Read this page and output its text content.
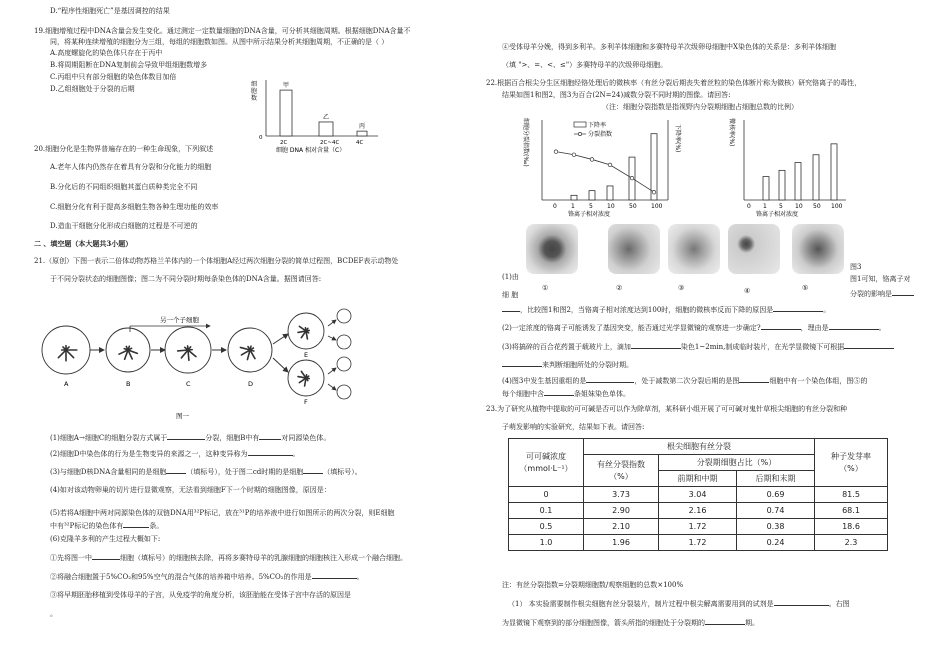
D.“程序性细胞死亡”是基因调控的结果
19.细胞增殖过程中DNA含量会发生变化。通过测定一定数量细胞的DNA含量，可分析其细胞周期。根据细胞DNA含量不
同，将某种连续增殖的细胞分为三组，每组的细胞数如图。从图中所示结果分析其细胞周期，不正确的是（ ）
A.高度螺旋化的染色体只存在于丙中
B.将周期阻断在DNA复制前会导致甲组细胞数增多
C.丙组中只有部分细胞的染色体数目加倍
D.乙组细胞处于分裂的后期
细胞数
甲
2C
乙
2C~4C
丙
4C
0
细胞 DNA 相对含量（C）
20.细胞分化是生物界普遍存在的一种生命现象，下列叙述
A.老年人体内仍然存在着具有分裂和分化能力的细胞
B.分化后的不同组织细胞其蛋白质种类完全不同
C.细胞分化有利于提高多细胞生物各种生理功能的效率
D.造血干细胞分化形成白细胞的过程是不可逆的
二 、填空题（本大题共3小题）
21.（原创）下图一表示二倍体动物苏格兰羊体内的一个体细胞A经过两次细胞分裂的简单过程图，BCDEF表示动物处
于不同分裂状态的细胞图像；图二为不同分裂时期每条染色体的DNA含量。据图请回答:
A	B	C	D
E
F
另一个子细胞
图一
(1)细胞A→细胞C的细胞分裂方式属于	分裂，细胞B中有	对同源染色体。
(2)细胞D中染色体的行为是生物变异的来源之一，这种变异称为	。
(3)与细胞D核DNA含量相同的是细胞	（填标号），处于图二cd时期的是细胞	（填标号）。
(4)如对该动物卵巢的切片进行显微观察，无法看到细胞F下一个时期的细胞图像，原因是：
(5)若将A细胞中两对同源染色体的双链DNA用³²P标记，放在³¹P的培养液中进行如图所示的两次分裂，则E细胞
中有³²P标记的染色体有	条。
(6)克隆羊多利的产生过程大概如下:
①先将图一中	细胞（填标号）的细胞核去除，再将多赛特母羊的乳腺细胞的细胞核注入形成一个融合细胞。
②将融合细胞置于5%CO₂和95%空气的混合气体的培养箱中培养。5%CO₂的作用是	。
③将早期胚胎移植到受体母羊的子宫，从免疫学的角度分析，该胚胎能在受体子宫中存活的原因是
。
④受体母羊分娩，得到多利羊。多利羊体细胞和多赛特母羊次级卵母细胞中X染色体的关系是：多利羊体细胞
（填 ">、=、<、≤"）多赛特母羊的次级卵母细胞。
22.根据百合根尖分生区细胞经铬处理后的微核率（有丝分裂后期丧失着丝粒的染色体断片称为微核）研究铬离子的毒性，
结果如图1和图2，图3为百合(2N=24)减数分裂不同时期的图像。请回答:
（注：细胞分裂指数是指视野内分裂期细胞占细胞总数的比例）
细胞分裂指数(‰)	下降率
分裂指数	下降率(%)
0 1 5 10 50 100
铬离子相对浓度
微核率(%)
0 1 5 10 50 100
铬离子相对浓度
①	②	③	④	⑤
(1)由
细 胞
图3
图1可知，铬离子对
分裂的影响是
，比较图1和图2，当铬离子相对浓度达到100时，细胞的微核率反而下降的原因是	。
(2)一定浓度的铬离子可能诱发了基因突变，能否通过光学显微镜的观察进一步确定?	，理由是	。
(3)将搞碎的百合花药置于载玻片上，滴加	染色1~2min,制成临时装片，在光学显微镜下可根据
来判断细胞所处的分裂时期。
(4)图3中发生基因重组的是	，处于减数第二次分裂后期的是图	细胞中有一个染色体组，图⑤的
每个细胞中含	条姐妹染色单体。
23.为了研究从植物中提取的可可碱是否可以作为除草剂，某科研小组开展了可可碱对鬼针草根尖细胞的有丝分裂和种
子萌发影响的实验研究，结果如下表。请回答:
可可碱浓度
（mmol·L⁻¹）	根尖细胞有丝分裂			种子发芽率
（%）
	有丝分裂指数
（%）	分裂期细胞占比（%）		
		前期和中期	后期和末期	
0	3.73	3.04	0.69	81.5
0.1	2.90	2.16	0.74	68.1
0.5	2.10	1.72	0.38	18.6
1.0	1.96	1.72	0.24	2.3
注：有丝分裂指数=分裂期细胞数/观察细胞的总数×100%
（1） 本实验需要制作根尖细胞有丝分裂装片，制片过程中根尖解离需要用到的试剂是	。右图
为显微镜下观察到的部分细胞图像，箭头所指的细胞处于分裂期的	期。
